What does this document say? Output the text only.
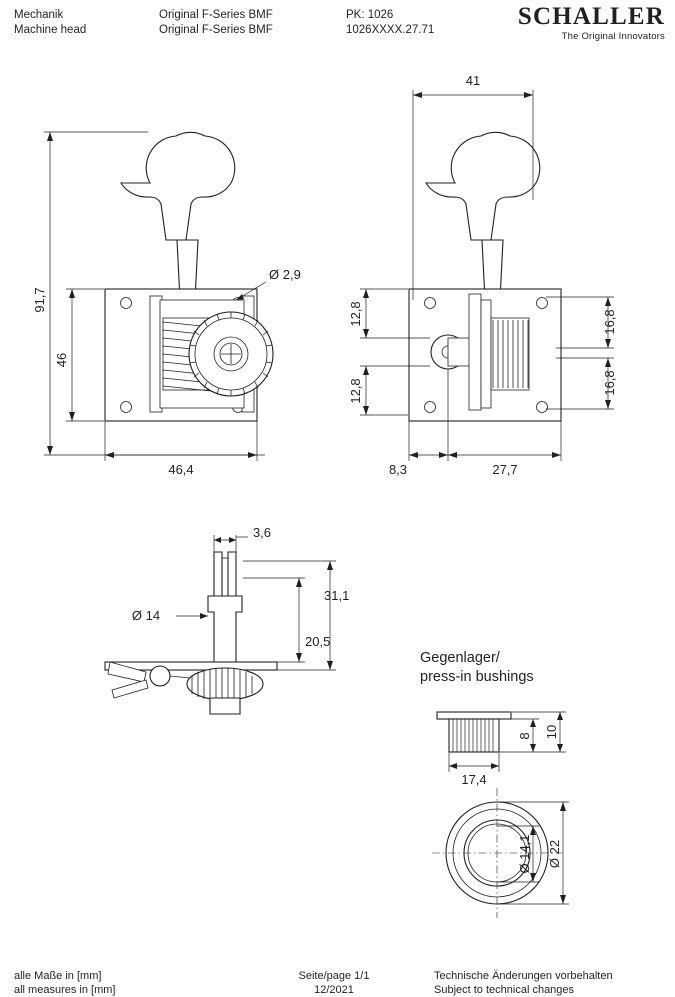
Mechanik	Original F-Series BMF	PK: 1026
Machine head	Original F-Series BMF	1026XXXX.27.71	SCHALLER
The Original Innovators
91,7
46
46,4
Ø 2,9
41
12,8
12,8
16,8
16,8
8,3	27,7
3,6
Ø 14
20,5
31,1
8 10
17,4
Ø 14,1 Ø 22
Gegenlager/
press-in bushings
alle Maße in [mm]
all measures in [mm]
Seite/page 1/1
12/2021
Technische Änderungen vorbehalten
Subject to technical changes
